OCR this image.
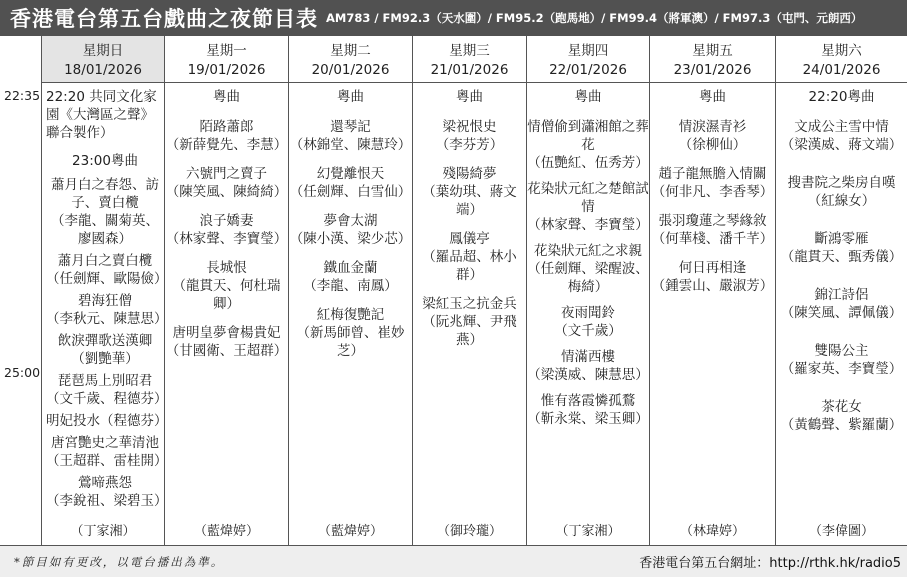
香港電台第五台戲曲之夜節目表 AM783 / FM92.3（天水圍）/ FM95.2（跑馬地）/ FM99.4（將軍澳）/ FM97.3（屯門、元朗西）
22:35
25:00
星期日
18/01/2026
22:20 共同文化家園《大灣區之聲》聯合製作）
23:00粵曲
蕭月白之春怨、訪子、賣白欖
（李龍、關菊英、廖國森）
蕭月白之賣白欖
（任劍輝、歐陽儉）
碧海狂僧
（李秋元、陳慧思）
飲淚彈歌送漢卿
（劉艷華）
琵琶馬上別昭君
（文千歲、程德芬）
明妃投水（程德芬）
唐宮艷史之華清池
（王超群、雷桂開）
鶯啼燕怨
（李銳祖、梁碧玉）
（丁家湘）
星期一
19/01/2026
粵曲
陌路蕭郎
（新薛覺先、李慧）
六號門之賣子
（陳笑風、陳綺綺）
浪子嬌妻
（林家聲、李寶瑩）
長城恨
（龍貫天、何杜瑞卿）
唐明皇夢會楊貴妃
（甘國衛、王超群）
（藍煒婷）
星期二
20/01/2026
粵曲
還琴記
（林錦堂、陳慧玲）
幻覺離恨天
（任劍輝、白雪仙）
夢會太湖
（陳小漢、梁少芯）
鐵血金蘭
（李龍、南鳳）
紅梅復艷記
（新馬師曾、崔妙芝）
（藍煒婷）
星期三
21/01/2026
粵曲
梁祝恨史
（李芬芳）
殘陽綺夢
（葉幼琪、蔣文端）
鳳儀亭
（羅品超、林小群）
梁紅玉之抗金兵
（阮兆輝、尹飛燕）
（御玲瓏）
星期四
22/01/2026
粵曲
情僧偷到瀟湘館之葬花
（伍艷紅、伍秀芳）
花染狀元紅之楚館試情
（林家聲、李寶瑩）
花染狀元紅之求親
（任劍輝、梁醒波、梅綺）
夜雨聞鈴
（文千歲）
情滿西樓
（梁漢威、陳慧思）
惟有落霞憐孤鶩
（靳永棠、梁玉卿）
（丁家湘）
星期五
23/01/2026
粵曲
情淚濕青衫
（徐柳仙）
趙子龍無膽入情關
（何非凡、李香琴）
張羽瓊蓮之琴緣敘
（何華棧、潘千芊）
何日再相逢
（鍾雲山、嚴淑芳）
（林瑋婷）
星期六
24/01/2026
22:20粵曲
文成公主雪中情
（梁漢威、蔣文端）
搜書院之柴房自嘆
（紅線女）
斷鴻零雁
（龍貫天、甄秀儀）
錦江詩侶
（陳笑風、譚佩儀）
雙陽公主
（羅家英、李寶瑩）
茶花女
（黃鶴聲、紫羅蘭）
（李偉圖）
*節目如有更改，以電台播出為準。	香港電台第五台網址：http://rthk.hk/radio5
